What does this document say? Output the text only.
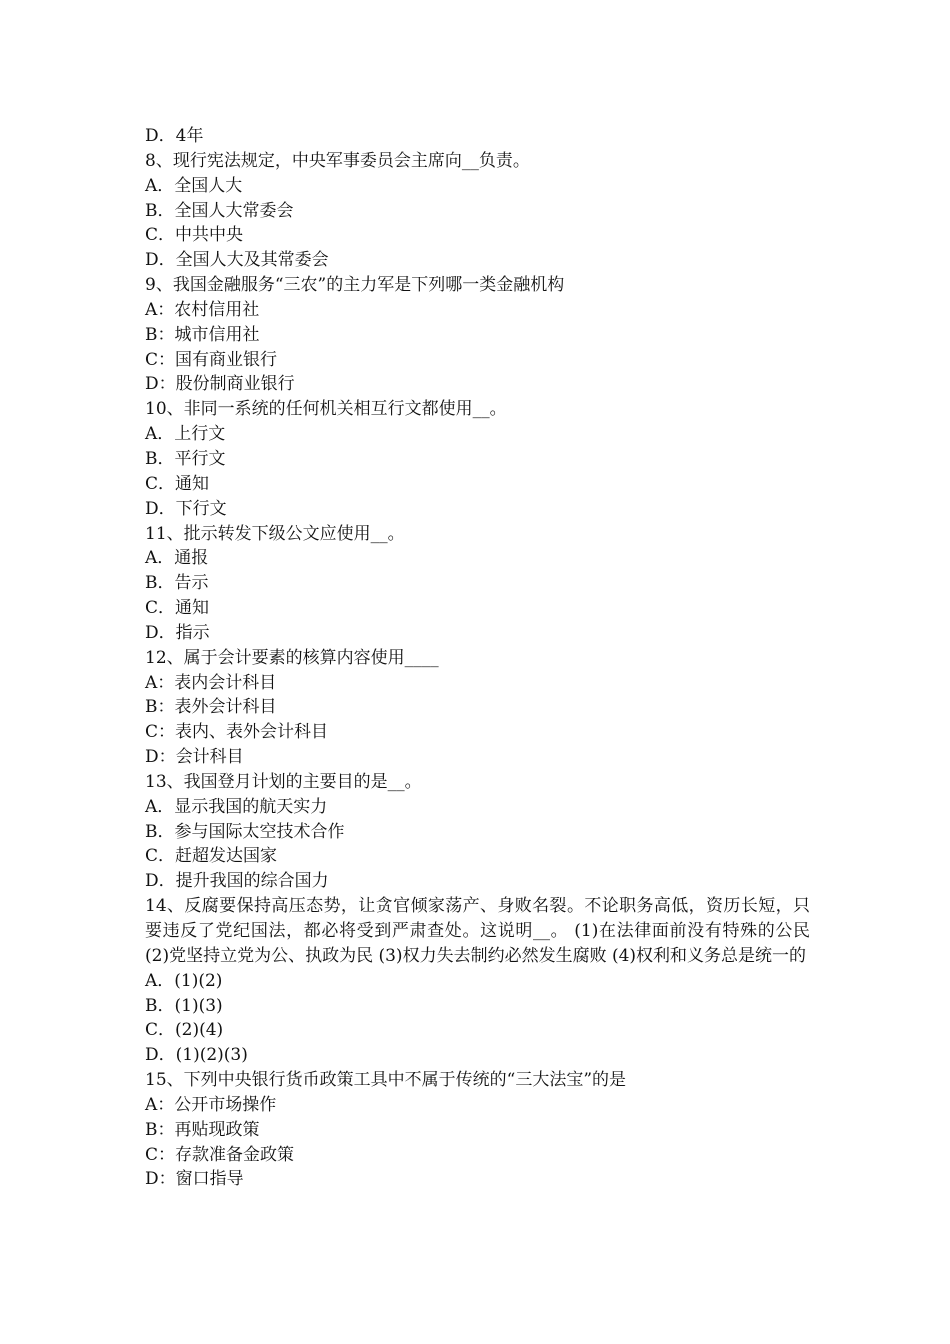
D．4年

8、现行宪法规定，中央军事委员会主席向__负责。

A．全国人大

B．全国人大常委会

C．中共中央

D．全国人大及其常委会

9、我国金融服务“三农”的主力军是下列哪一类金融机构

A：农村信用社

B：城市信用社

C：国有商业银行

D：股份制商业银行

10、非同一系统的任何机关相互行文都使用__。

A．上行文

B．平行文

C．通知

D．下行文

11、批示转发下级公文应使用__。

A．通报

B．告示

C．通知

D．指示

12、属于会计要素的核算内容使用____

A：表内会计科目

B：表外会计科目

C：表内、表外会计科目

D：会计科目

13、我国登月计划的主要目的是__。

A．显示我国的航天实力

B．参与国际太空技术合作

C．赶超发达国家

D．提升我国的综合国力

14、反腐要保持高压态势，让贪官倾家荡产、身败名裂。不论职务高低，资历长短，只要违反了党纪国法，都必将受到严肃查处。这说明__。 (1)在法律面前没有特殊的公民 (2)党坚持立党为公、执政为民 (3)权力失去制约必然发生腐败 (4)权利和义务总是统一的

A．(1)(2)

B．(1)(3)

C．(2)(4)

D．(1)(2)(3)

15、下列中央银行货币政策工具中不属于传统的“三大法宝”的是

A：公开市场操作

B：再贴现政策

C：存款准备金政策

D：窗口指导
